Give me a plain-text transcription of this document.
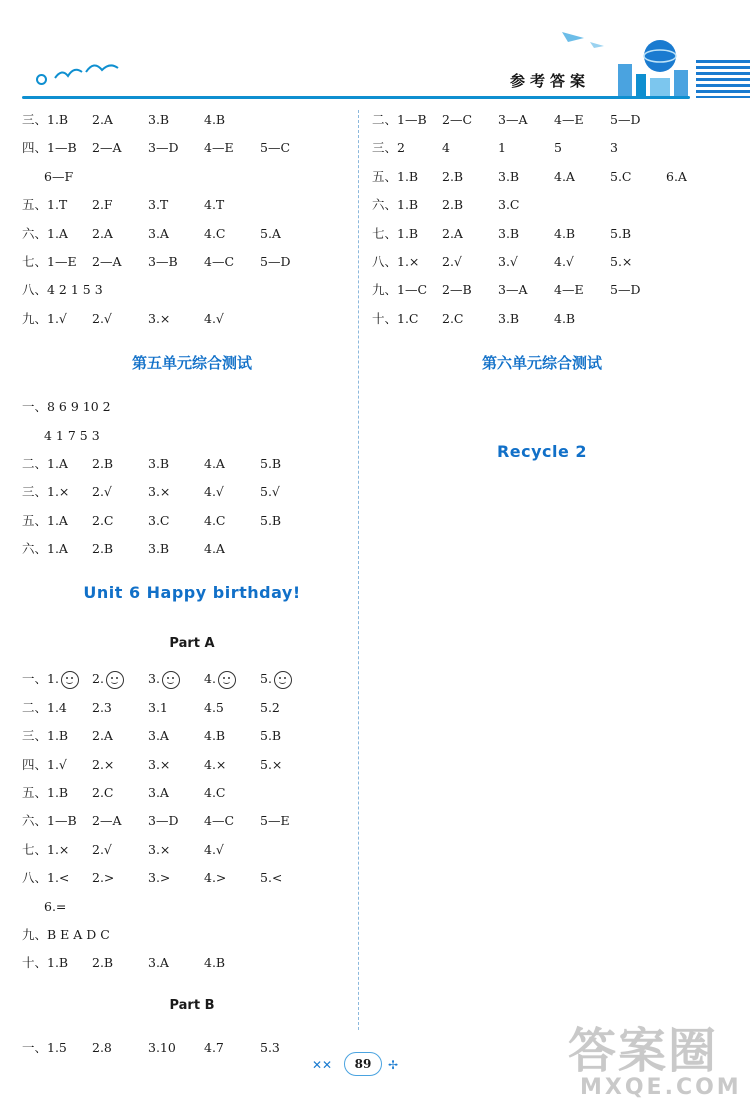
参考答案
三、1.B 2.A	3.B	4.B
四、1—B 2—A 3—D 4—E 5—C
6—F
五、1.T 2.F	3.T	4.T
六、1.A 2.A	3.A	4.C	5.A
七、1—E 2—A 3—B 4—C 5—D
八、4 2 1 5 3
九、1.√ 2.√	3.×	4.√
第五单元综合测试
一、8 6 9 10 2
4 1 7 5 3
二、1.A 2.B	3.B	4.A	5.B
三、1.× 2.√	3.×	4.√	5.√
五、1.A 2.C	3.C	4.C	5.B
六、1.A 2.B	3.B	4.A
Unit 6 Happy birthday!
Part A
一、1.	2.	3.	4.	5.
二、1.4 2.3	3.1	4.5	5.2
三、1.B 2.A	3.A	4.B	5.B
四、1.√ 2.×	3.×	4.×	5.×
五、1.B 2.C	3.A	4.C
六、1—B 2—A 3—D 4—C 5—E
七、1.× 2.√	3.×	4.√
八、1.< 2.>	3.>	4.>	5.<
6.=
九、B E A D C
十、1.B 2.B	3.A	4.B
Part B
一、1.5 2.8	3.10 4.7	5.3
二、1—B 2—C 3—A 4—E 5—D
三、2	4	1	5	3
五、1.B 2.B	3.B	4.A	5.C	6.A
六、1.B 2.B	3.C
七、1.B 2.A	3.B	4.B	5.B
八、1.× 2.√	3.√	4.√	5.×
九、1—C 2—B 3—A 4—E 5—D
十、1.C 2.C	3.B	4.B
第六单元综合测试
Recycle 2
✕✕	89	✢	答案圈
MXQE.COM
